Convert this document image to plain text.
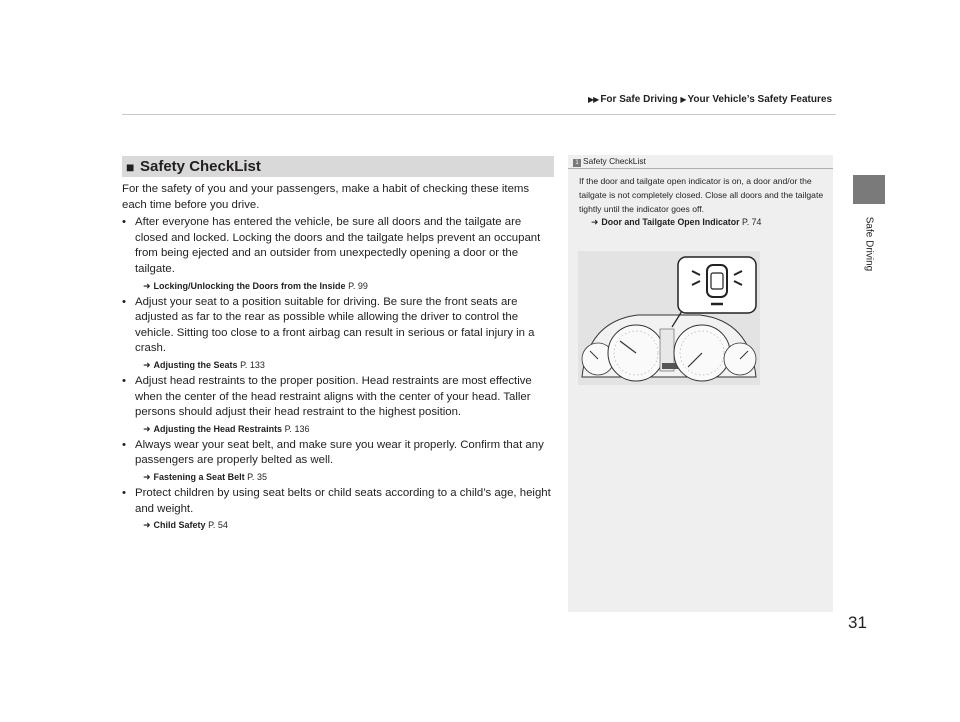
▶▶ For Safe Driving ▶ Your Vehicle’s Safety Features
Safe Driving
■ Safety CheckList

For the safety of you and your passengers, make a habit of checking these items each time before you drive.

• After everyone has entered the vehicle, be sure all doors and the tailgate are closed and locked. Locking the doors and the tailgate helps prevent an occupant from being ejected and an outsider from unexpectedly opening a door or the tailgate.
➜ Locking/Unlocking the Doors from the Inside P. 99
• Adjust your seat to a position suitable for driving. Be sure the front seats are adjusted as far to the rear as possible while allowing the driver to control the vehicle. Sitting too close to a front airbag can result in serious or fatal injury in a crash.
➜ Adjusting the Seats P. 133
• Adjust head restraints to the proper position. Head restraints are most effective when the center of the head restraint aligns with the center of your head. Taller persons should adjust their head restraint to the highest position.
➜ Adjusting the Head Restraints P. 136
• Always wear your seat belt, and make sure you wear it properly. Confirm that any passengers are properly belted as well.
➜ Fastening a Seat Belt P. 35
• Protect children by using seat belts or child seats according to a child’s age, height and weight.
➜ Child Safety P. 54
1 Safety CheckList
If the door and tailgate open indicator is on, a door and/or the tailgate is not completely closed. Close all doors and the tailgate tightly until the indicator goes off.
➜ Door and Tailgate Open Indicator P. 74
31
